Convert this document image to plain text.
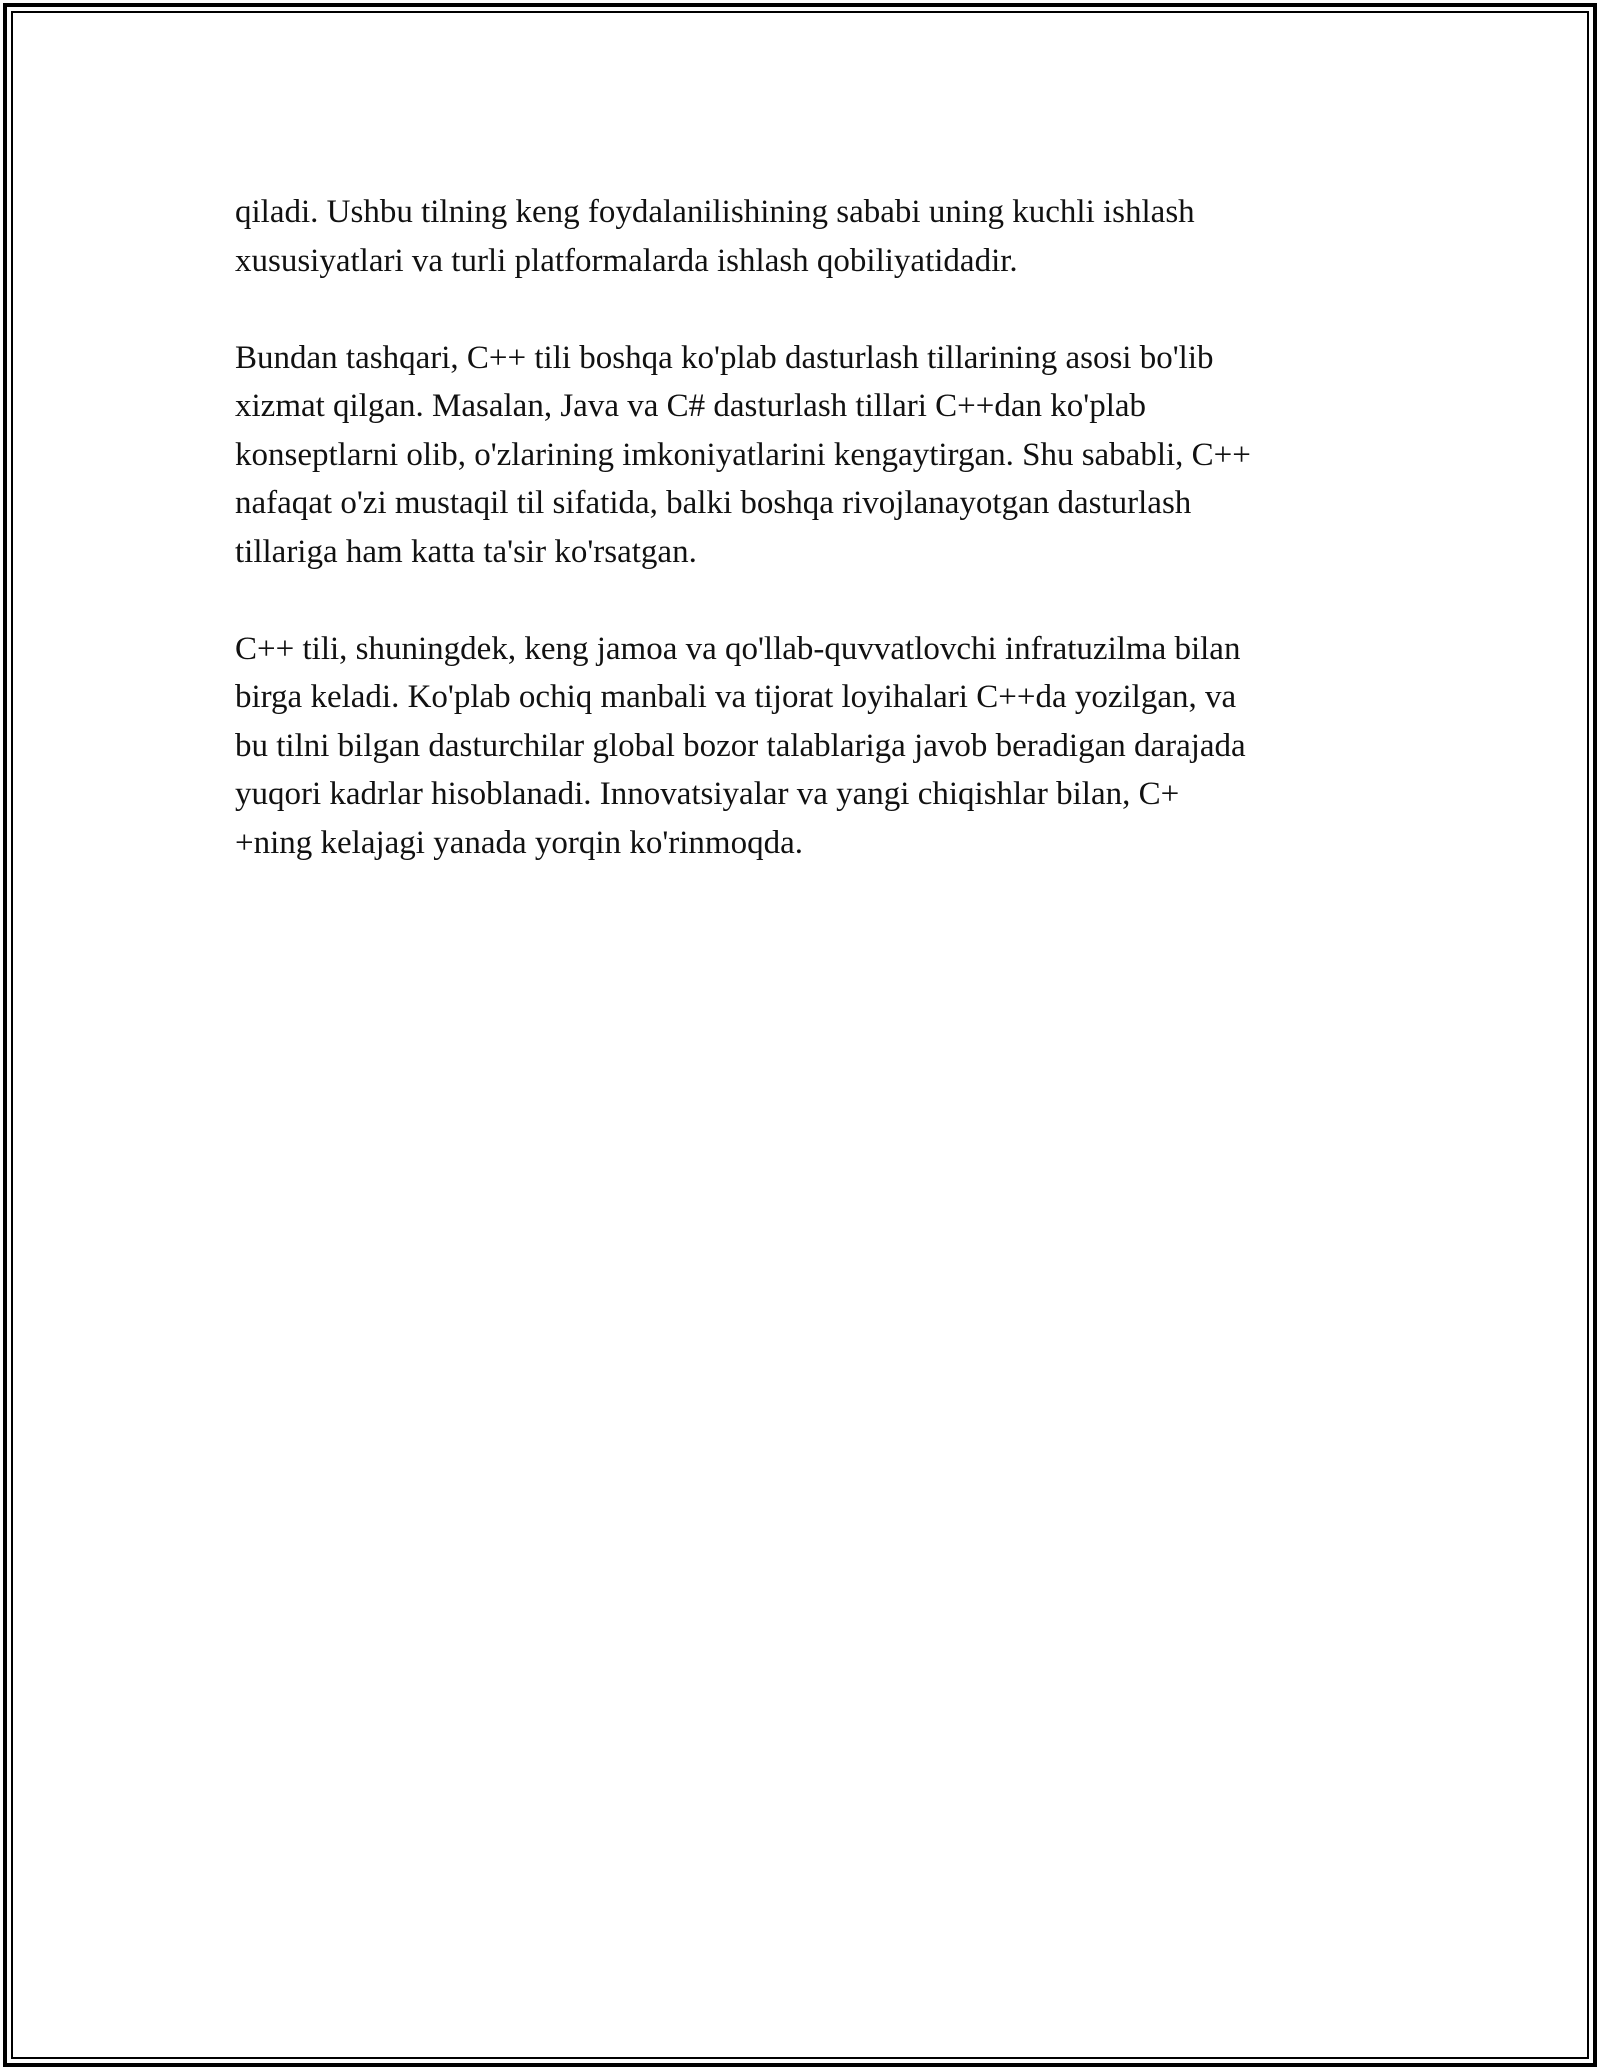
qiladi. Ushbu tilning keng foydalanilishining sababi uning kuchli ishlash
xususiyatlari va turli platformalarda ishlash qobiliyatidadir.

Bundan tashqari, C++ tili boshqa ko'plab dasturlash tillarining asosi bo'lib
xizmat qilgan. Masalan, Java va C# dasturlash tillari C++dan ko'plab
konseptlarni olib, o'zlarining imkoniyatlarini kengaytirgan. Shu sababli, C++
nafaqat o'zi mustaqil til sifatida, balki boshqa rivojlanayotgan dasturlash
tillariga ham katta ta'sir ko'rsatgan.

C++ tili, shuningdek, keng jamoa va qo'llab-quvvatlovchi infratuzilma bilan
birga keladi. Ko'plab ochiq manbali va tijorat loyihalari C++da yozilgan, va
bu tilni bilgan dasturchilar global bozor talablariga javob beradigan darajada
yuqori kadrlar hisoblanadi. Innovatsiyalar va yangi chiqishlar bilan, C+
+ning kelajagi yanada yorqin ko'rinmoqda.
